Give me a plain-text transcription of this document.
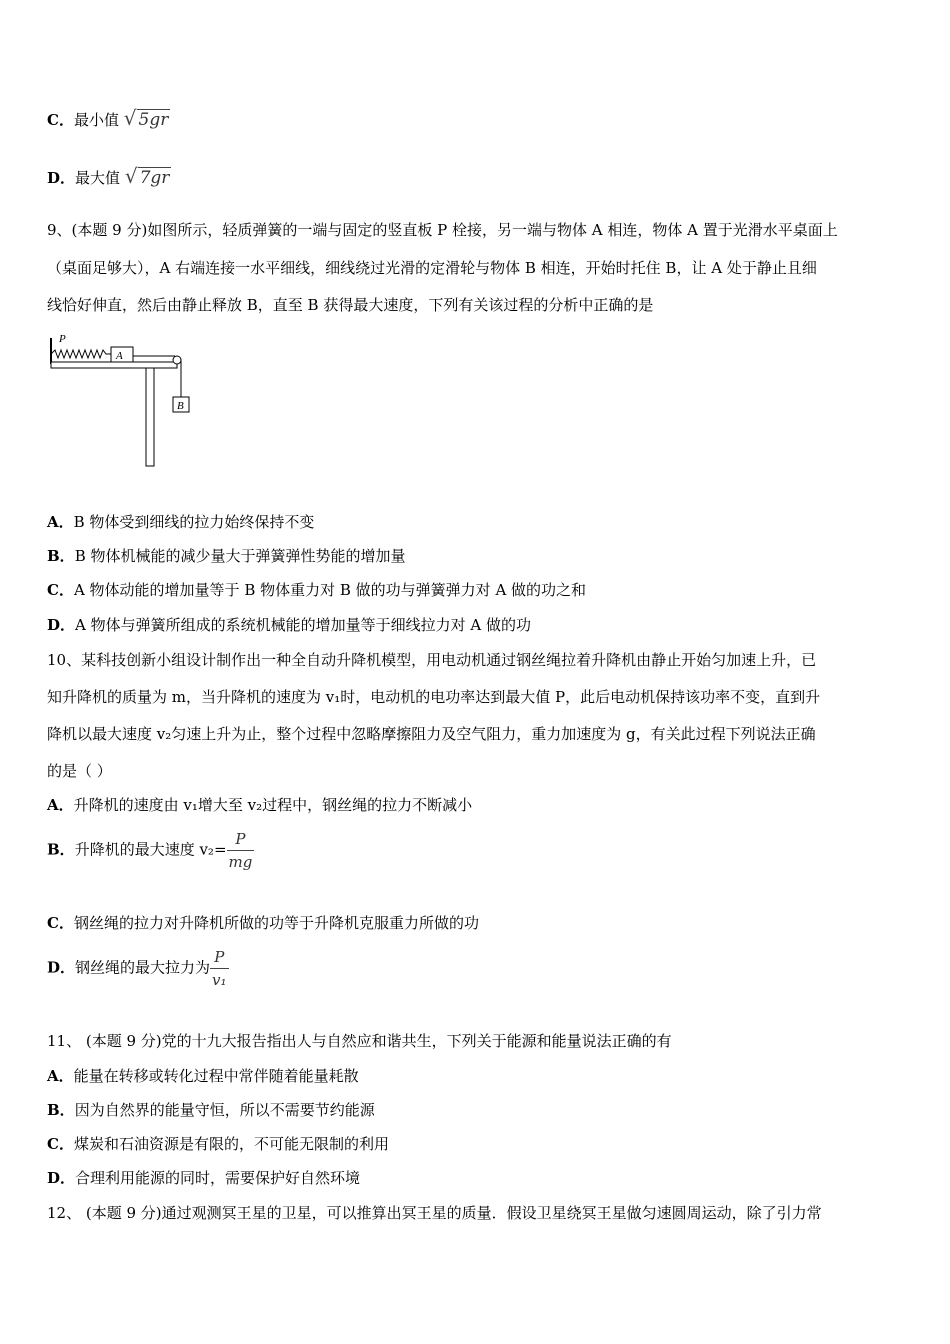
C．最小值 √ 5gr
D．最大值 √ 7gr
9、(本题 9 分)如图所示，轻质弹簧的一端与固定的竖直板 P 栓接，另一端与物体 A 相连，物体 A 置于光滑水平桌面上
（桌面足够大），A 右端连接一水平细线，细线绕过光滑的定滑轮与物体 B 相连，开始时托住 B，让 A 处于静止且细
线恰好伸直，然后由静止释放 B，直至 B 获得最大速度，下列有关该过程的分析中正确的是
P
A
B
A．B 物体受到细线的拉力始终保持不变
B．B 物体机械能的减少量大于弹簧弹性势能的增加量
C．A 物体动能的增加量等于 B 物体重力对 B 做的功与弹簧弹力对 A 做的功之和
D．A 物体与弹簧所组成的系统机械能的增加量等于细线拉力对 A 做的功
10、某科技创新小组设计制作出一种全自动升降机模型，用电动机通过钢丝绳拉着升降机由静止开始匀加速上升，已
知升降机的质量为 m，当升降机的速度为 v₁时，电动机的电功率达到最大值 P，此后电动机保持该功率不变，直到升
降机以最大速度 v₂匀速上升为止，整个过程中忽略摩擦阻力及空气阻力，重力加速度为 g，有关此过程下列说法正确
的是（ ）
A．升降机的速度由 v₁增大至 v₂过程中，钢丝绳的拉力不断减小
B．升降机的最大速度 $v_2= \frac{P}{mg}$
C．钢丝绳的拉力对升降机所做的功等于升降机克服重力所做的功
D．钢丝绳的最大拉力为 $\frac{P}{\text{v₁}}$
11、 (本题 9 分)党的十九大报告指出人与自然应和谐共生，下列关于能源和能量说法正确的有
A．能量在转移或转化过程中常伴随着能量耗散
B．因为自然界的能量守恒，所以不需要节约能源
C．煤炭和石油资源是有限的，不可能无限制的利用
D．合理利用能源的同时，需要保护好自然环境
12、 (本题 9 分)通过观测冥王星的卫星，可以推算出冥王星的质量．假设卫星绕冥王星做匀速圆周运动，除了引力常
